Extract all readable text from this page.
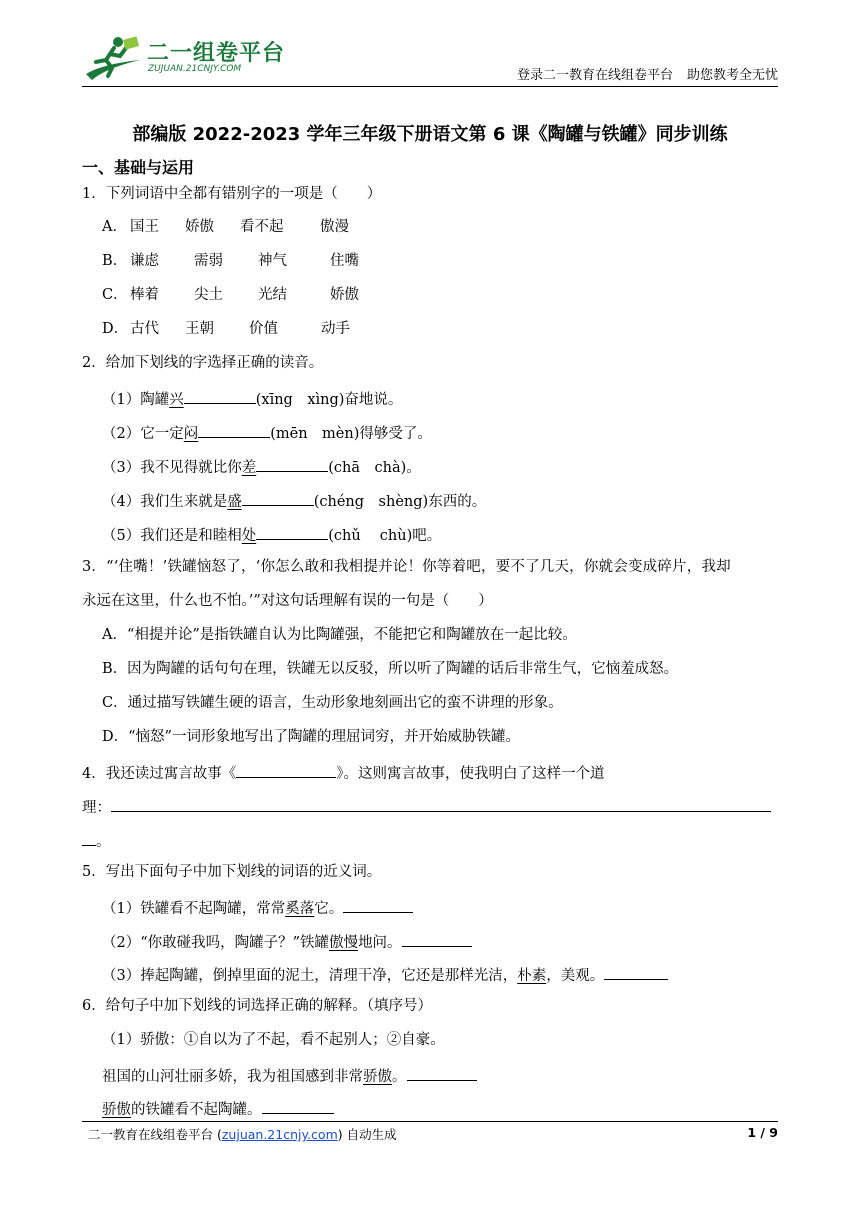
二一组卷平台
ZUJUAN.21CNJY.COM	登录二一教育在线组卷平台 助您教考全无忧
部编版 2022-2023 学年三年级下册语文第 6 课《陶罐与铁罐》同步训练
一、基础与运用
1．下列词语中全都有错别字的一项是（　　）
A． 国王 娇傲 看不起	傲漫
B． 谦虑 需弱 神气	住嘴
C． 棒着 尖土 光结	娇傲
D． 古代 王朝 价值	动手
2．给加下划线的字选择正确的读音。
（1）陶罐兴	(xīng　xìng)奋地说。
（2）它一定闷	(mēn　mèn)得够受了。
（3）我不见得就比你差	(chā　chà)。
（4）我们生来就是盛	(chéng　shèng)东西的。
（5）我们还是和睦相处	(chǔ　 chù)吧。
3．“‘住嘴！’铁罐恼怒了，‘你怎么敢和我相提并论！你等着吧，要不了几天，你就会变成碎片，我却
永远在这里，什么也不怕。’”对这句话理解有误的一句是（　　）
A．“相提并论”是指铁罐自认为比陶罐强，不能把它和陶罐放在一起比较。
B．因为陶罐的话句句在理，铁罐无以反驳，所以听了陶罐的话后非常生气，它恼羞成怒。
C．通过描写铁罐生硬的语言，生动形象地刻画出它的蛮不讲理的形象。
D．“恼怒”一词形象地写出了陶罐的理屈词穷，并开始威胁铁罐。
4．我还读过寓言故事《	》。这则寓言故事，使我明白了这样一个道
理：
。
5．写出下面句子中加下划线的词语的近义词。
（1）铁罐看不起陶罐，常常奚落它。
（2）“你敢碰我吗，陶罐子？”铁罐傲慢地问。
（3）捧起陶罐，倒掉里面的泥土，清理干净，它还是那样光洁，朴素，美观。
6．给句子中加下划线的词选择正确的解释。（填序号）
（1）骄傲：①自以为了不起，看不起别人；②自豪。
祖国的山河壮丽多娇，我为祖国感到非常骄傲。
骄傲的铁罐看不起陶罐。
二一教育在线组卷平台 (zujuan.21cnjy.com) 自动生成	1 / 9
